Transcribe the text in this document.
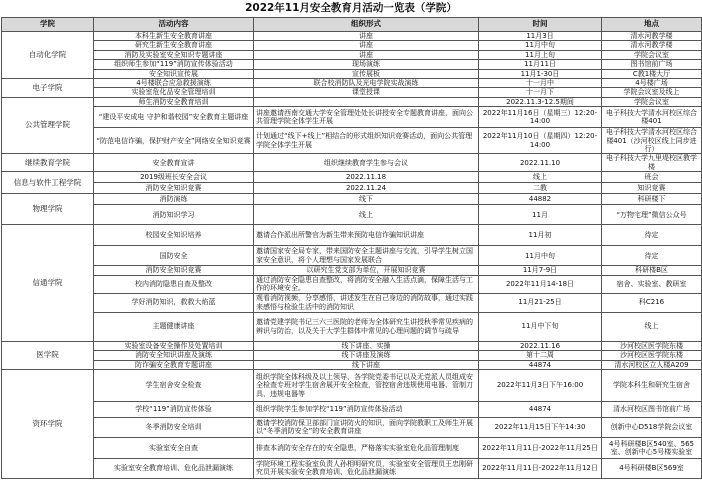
2022年11月安全教育月活动一览表（学院）
学院	活动内容	组织形式	时间	地点
自动化学院	本科生新生安全教育讲座	讲座	11月3日	清水河教学楼
	研究生新生安全教育讲座	讲座	11月中旬	清水河教学楼
	消防及实验室安全知识专题讲座	讲座	11月上旬	学院会议室
	组织师生参加“119”消防宣传体验活动	现场演练	11月11日	图书馆前广场
	安全知识宣传展	宣传展板	11月1-30日	C教1楼大厅
电子学院	4号楼联合应急救援演练	联合校消防队及光电学院实战演练	十一月中	4号楼广场
	实验室危化品安全管理培训	课堂授课	十一月下	学院会议室及线上
公共管理学院	师生消防安全教育培训		2022.11.3-12.5期间	学院会议室
	“建设平安成电 守护和谐校园”安全教育主题讲座	讲座邀请西南交通大学安全管理处处长讲授安全专题教育讲座，面向公共管理学院全体学生开展	2022年11月16日（星期三）12:20-14:00	电子科技大学清水河校区综合楼401
	“防范电信诈骗，保护财产安全”网络安全知识竞赛	计划通过“线下+线上”相结合的形式组织知识竞赛活动，面向公共管理学院全体学生开展	2022年11月10日（星期四）12:20-14:00	电子科技大学清水河校区综合楼401（沙河校区线上同步进行）
继续教育学院	安全教育宣讲	组织继续教育学生参与会议	2022.11.10	电子科技大学九里堤校区教学楼
信息与软件工程学院	2019级班长安全会议	2022.11.18	线上	班会
	消防安全知识竞赛	2022.11.24	二教	知识竞赛
物理学院	消防演练	线下	44882	科研楼下
	消防知识学习	线上	11月	“万物宅理”微信公众号
信通学院	校园安全知识培养	邀请合作派出所警官为新生带来预防电信诈骗知识讲座	11月初	待定
	国防安全	邀请国家安全局专家，带来国防安全主题讲座与交流，引导学生树立国家安全意识，将个人理想与国家发展联合	11月中旬	待定
	消防安全知识竞赛	以研究生党支部为单位，开展知识竞赛	11月7-9日	科研楼B区
	校内消防隐患自查及整改	通过消防安全隐患自查整改，将消防安全融入生活点滴，保障生活与工作的环境安全。	2022年11月14-18日	宿舍、实验室、教研室
	学好消防知识，救救大焰蓝	观看消防视频，分享感悟，讲述发生在自己身边的消防故事，通过实践来感悟与检验生活中的消防知识	11月21-25日	科C216
	主题健康讲座	邀请党建学院书记三六三医院的老师为全体研究生讲授秋季常见疾病的辨识与防治，以及关于大学生群体中常见的心理问题的调节与疏导	11月中下旬	线上
医学院	实验室设备安全操作及处置培训	线下讲座、实操	2022.11.16	沙河校区医学院东楼
	消防安全知识讲座及演练	线下讲座及演练	第十二周	沙河校区医学院东楼
	防诈骗安全教育专题讲座	线下讲座	44874	清水河校区立人楼A209
资环学院	学生宿舍安全检查	组织学院全体科级及以上领导、各学院党委书记以及无党派人员组成安全检查专班对学生宿舍展开安全检查，管控宿舍违规使用电器、管制刀具、违规电器等	2022年11月3日下午16:00	学院本科生和研究生宿舍
	学校“119”消防宣传体验	组织学院学生参加学校“119”消防宣传体验活动	44874	清水河校区图书馆前广场
	冬季消防安全培训	邀请学校消防保卫部部门宣讲防火的知识，面向学院教职工及师生开展以“冬季消防安全”的安全教育讲座	2022年11月15日下午14:30	创新中心D518学院会议室
	实验室安全自查	排查本消防安全存在的安全隐患，严格落实实验室危化品管理制度	2022年11月11日-2022年11月25日	4号科研楼B区540室、565室、创新中心5号楼实验室
	实验室安全教育培训、危化品泄漏演练	学院环境工程实验室负责人孙相明研究员，实验室安全管理员王忠刚研究员开展实验安全教育培训、危化品泄漏演练	2022年11月11日-2022年11月12日	4号科研楼B区569室
